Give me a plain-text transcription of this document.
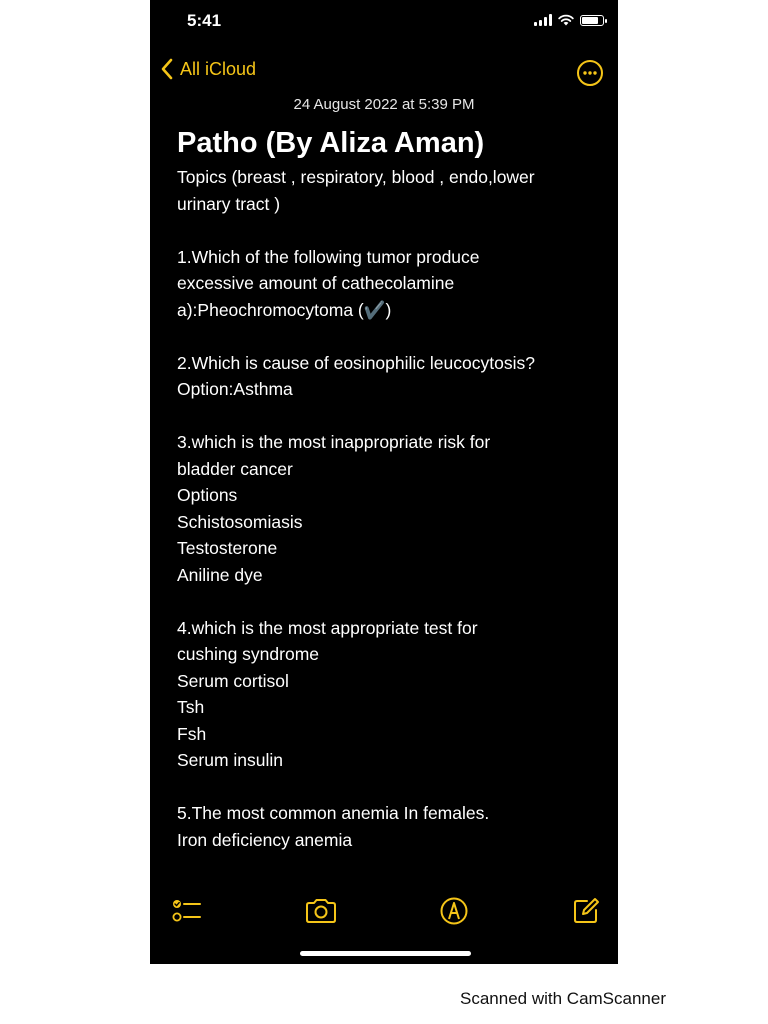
5:41
All iCloud
24 August 2022 at 5:39 PM
Patho (By Aliza Aman)
Topics (breast , respiratory, blood , endo,lower
urinary tract )
1.Which of the following tumor produce
excessive amount of cathecolamine
a):Pheochromocytoma (✔️)
2.Which is cause of eosinophilic leucocytosis?
Option:Asthma
3.which is the most inappropriate risk for
bladder cancer
Options
Schistosomiasis
Testosterone
Aniline dye
4.which is the most appropriate test for
cushing syndrome
Serum cortisol
Tsh
Fsh
Serum insulin
5.The most common anemia In females.
Iron deficiency anemia
Scanned with CamScanner
